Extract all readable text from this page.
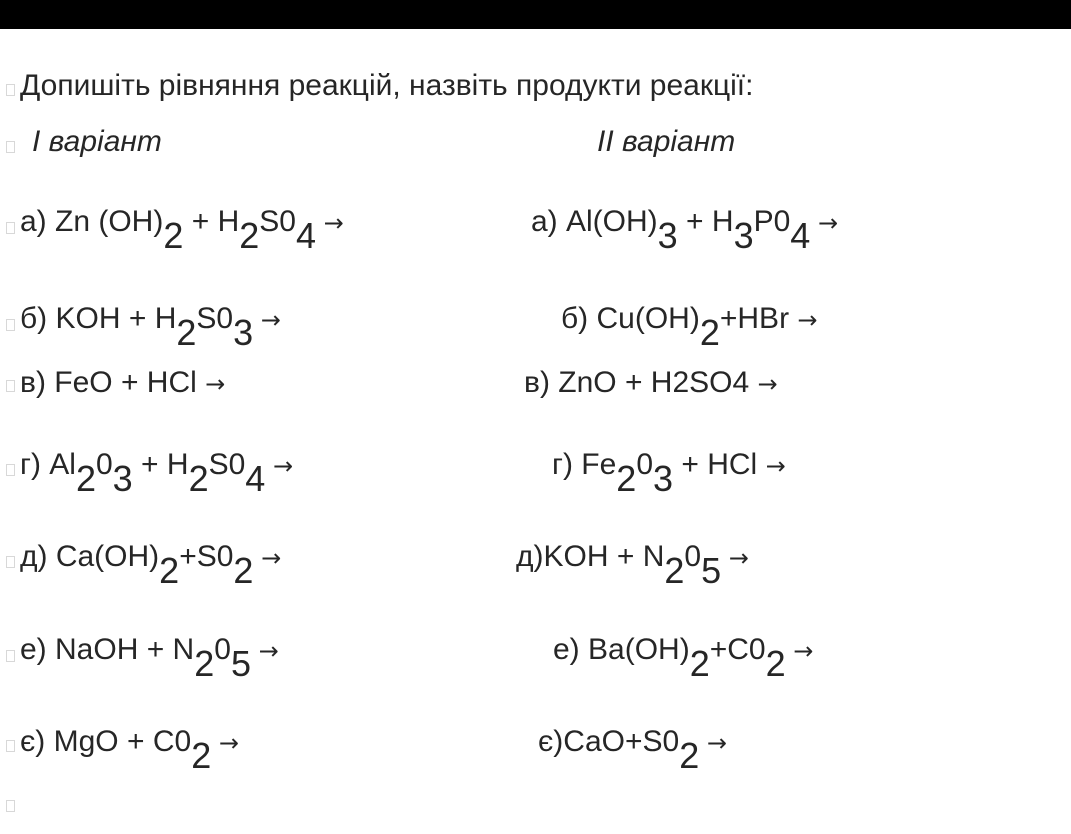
Допишіть рівняння реакцій, назвіть продукти реакції:
I варіант	II варіант
а) Zn (OH)2 + H2S04 →
б) KOH + H2S03 →
в) FeO + HCl →
г) Al203 + H2S04 →
д) Ca(OH)2+S02 →
е) NaOH + N205 →
є) MgO + C02 →
а) Al(OH)3 + H3P04 →
б) Cu(OH)2+HBr →
в) ZnO + H2SO4 →
г) Fe203 + HCl →
д)KOH + N205 →
е) Ba(OH)2+C02 →
є)CaO+S02 →
